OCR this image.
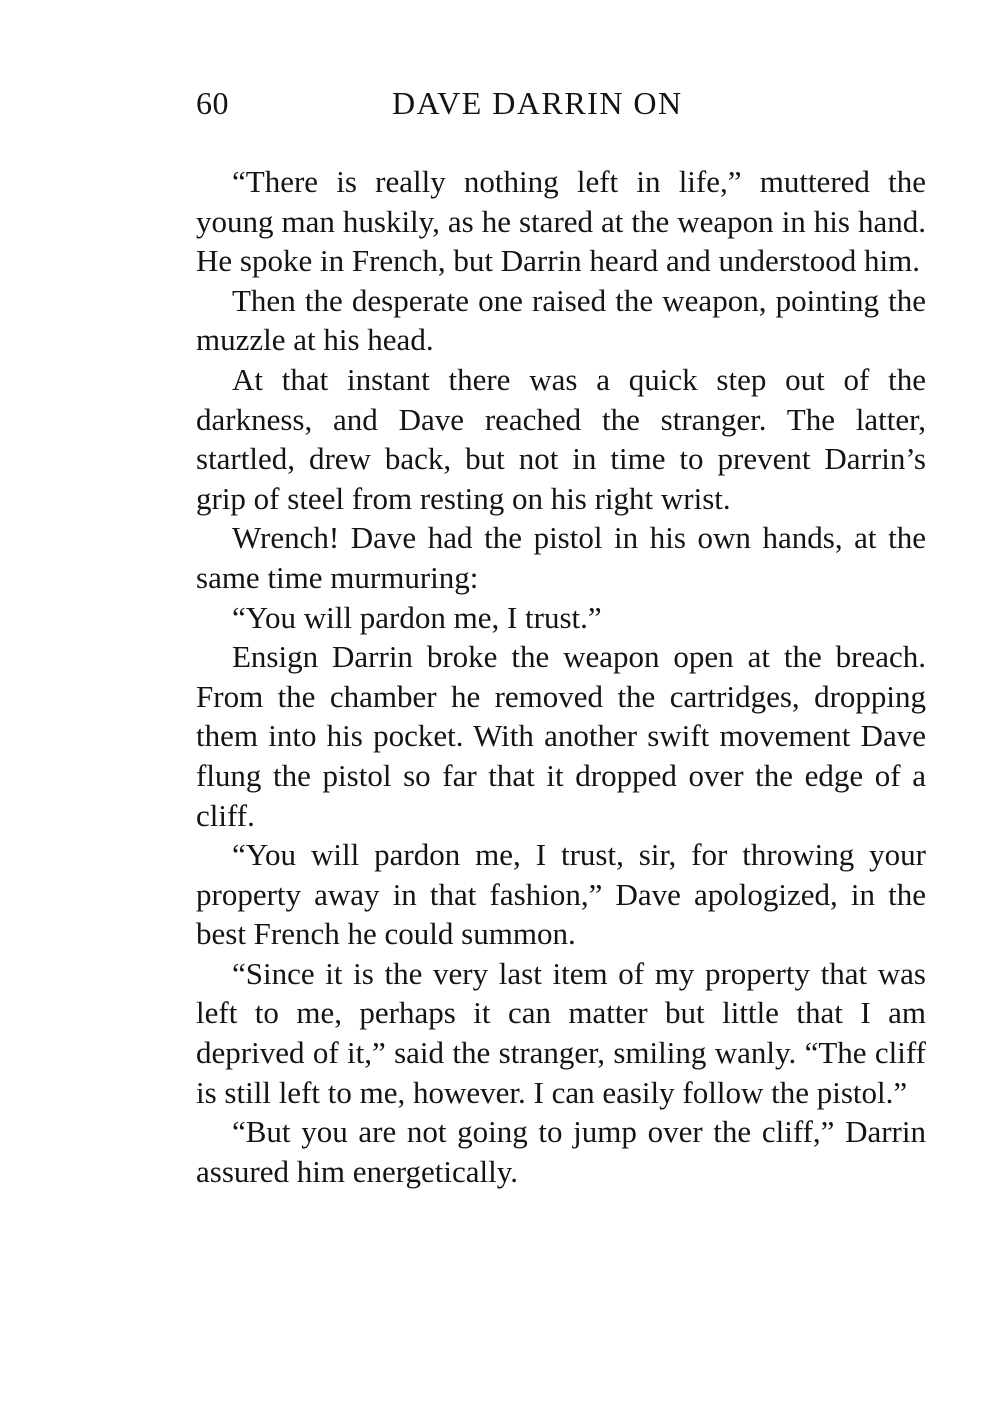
60	DAVE DARRIN ON

“There is really nothing left in life,” muttered the young man huskily, as he stared at the weapon in his hand. He spoke in French, but Darrin heard and understood him.

Then the desperate one raised the weapon, pointing the muzzle at his head.

At that instant there was a quick step out of the darkness, and Dave reached the stranger. The latter, startled, drew back, but not in time to prevent Darrin’s grip of steel from resting on his right wrist.

Wrench! Dave had the pistol in his own hands, at the same time murmuring:

“You will pardon me, I trust.”

Ensign Darrin broke the weapon open at the breach. From the chamber he removed the cartridges, dropping them into his pocket. With another swift movement Dave flung the pistol so far that it dropped over the edge of a cliff.

“You will pardon me, I trust, sir, for throwing your property away in that fashion,” Dave apologized, in the best French he could summon.

“Since it is the very last item of my property that was left to me, perhaps it can matter but little that I am deprived of it,” said the stranger, smiling wanly. “The cliff is still left to me, however. I can easily follow the pistol.”

“But you are not going to jump over the cliff,” Darrin assured him energetically.
